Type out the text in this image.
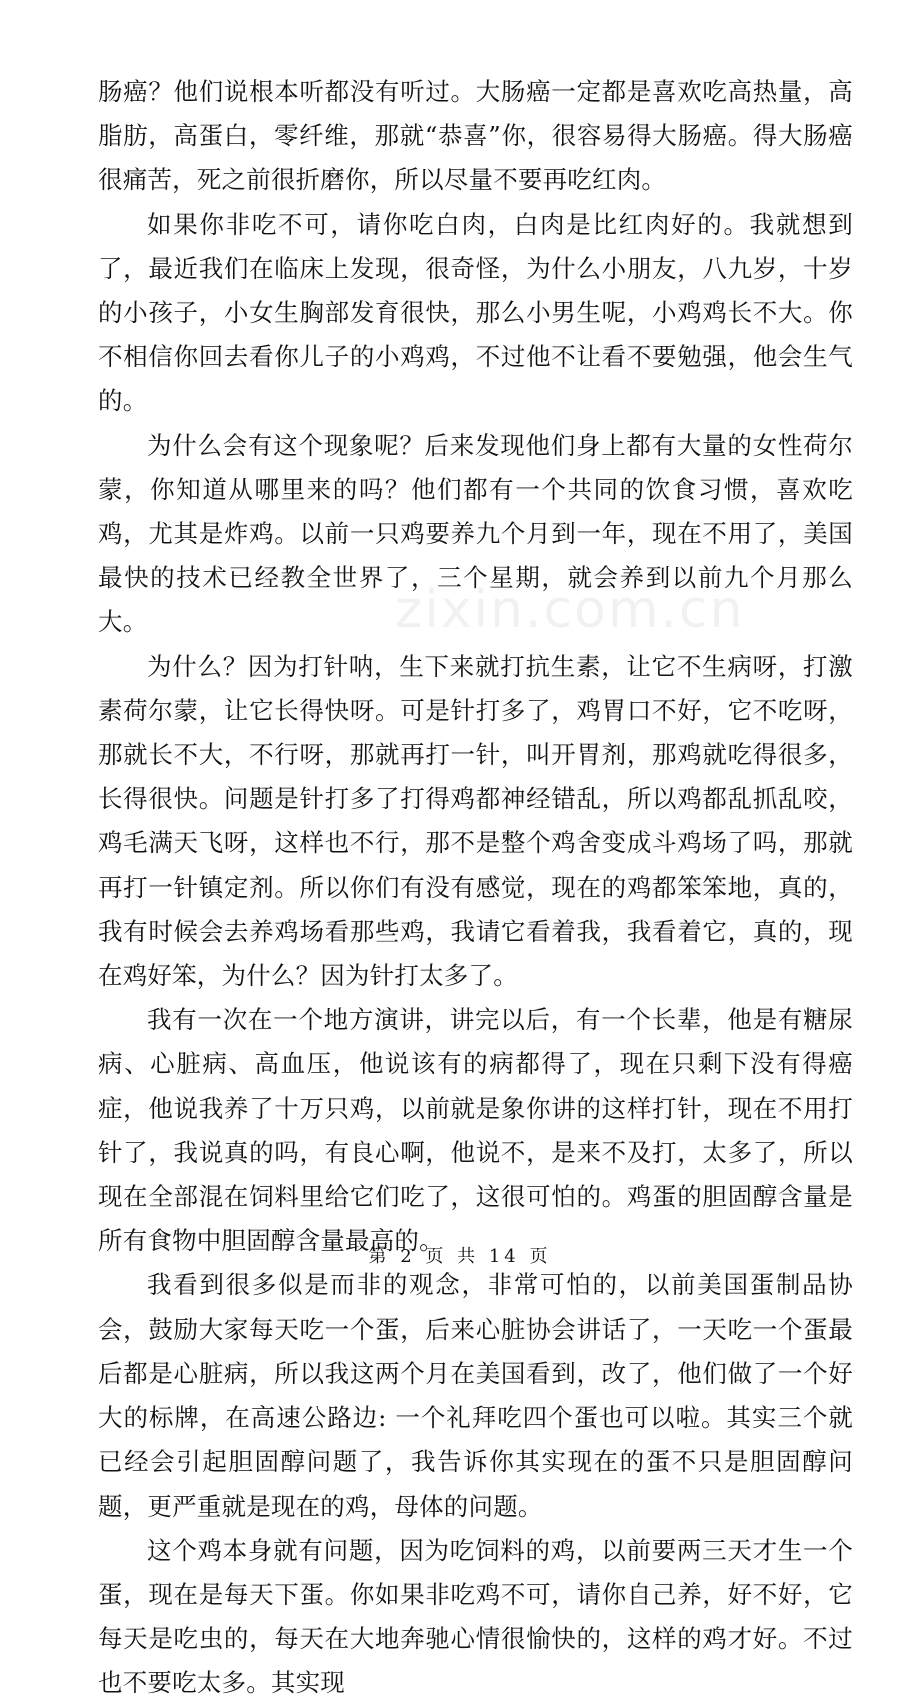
肠癌？他们说根本听都没有听过。大肠癌一定都是喜欢吃高热量，高脂肪，高蛋白，零纤维，那就“恭喜”你，很容易得大肠癌。得大肠癌很痛苦，死之前很折磨你，所以尽量不要再吃红肉。

如果你非吃不可，请你吃白肉，白肉是比红肉好的。我就想到了，最近我们在临床上发现，很奇怪，为什么小朋友，八九岁，十岁的小孩子，小女生胸部发育很快，那么小男生呢，小鸡鸡长不大。你不相信你回去看你儿子的小鸡鸡，不过他不让看不要勉强，他会生气的。

为什么会有这个现象呢？后来发现他们身上都有大量的女性荷尔蒙，你知道从哪里来的吗？他们都有一个共同的饮食习惯，喜欢吃鸡，尤其是炸鸡。以前一只鸡要养九个月到一年，现在不用了，美国最快的技术已经教全世界了，三个星期，就会养到以前九个月那么大。

为什么？因为打针呐，生下来就打抗生素，让它不生病呀，打激素荷尔蒙，让它长得快呀。可是针打多了，鸡胃口不好，它不吃呀，那就长不大，不行呀，那就再打一针，叫开胃剂，那鸡就吃得很多，长得很快。问题是针打多了打得鸡都神经错乱，所以鸡都乱抓乱咬，鸡毛满天飞呀，这样也不行，那不是整个鸡舍变成斗鸡场了吗，那就再打一针镇定剂。所以你们有没有感觉，现在的鸡都笨笨地，真的，我有时候会去养鸡场看那些鸡，我请它看着我，我看着它，真的，现在鸡好笨，为什么？因为针打太多了。

我有一次在一个地方演讲，讲完以后，有一个长辈，他是有糖尿病、心脏病、高血压，他说该有的病都得了，现在只剩下没有得癌症，他说我养了十万只鸡，以前就是象你讲的这样打针，现在不用打针了，我说真的吗，有良心啊，他说不，是来不及打，太多了，所以现在全部混在饲料里给它们吃了，这很可怕的。鸡蛋的胆固醇含量是所有食物中胆固醇含量最高的。

我看到很多似是而非的观念，非常可怕的，以前美国蛋制品协会，鼓励大家每天吃一个蛋，后来心脏协会讲话了，一天吃一个蛋最后都是心脏病，所以我这两个月在美国看到，改了，他们做了一个好大的标牌，在高速公路边: 一个礼拜吃四个蛋也可以啦。其实三个就已经会引起胆固醇问题了，我告诉你其实现在的蛋不只是胆固醇问题，更严重就是现在的鸡，母体的问题。

这个鸡本身就有问题，因为吃饲料的鸡，以前要两三天才生一个蛋，现在是每天下蛋。你如果非吃鸡不可，请你自己养，好不好，它每天是吃虫的，每天在大地奔驰心情很愉快的，这样的鸡才好。不过也不要吃太多。其实现

zixin.com.cn
第 2 页 共 14 页
